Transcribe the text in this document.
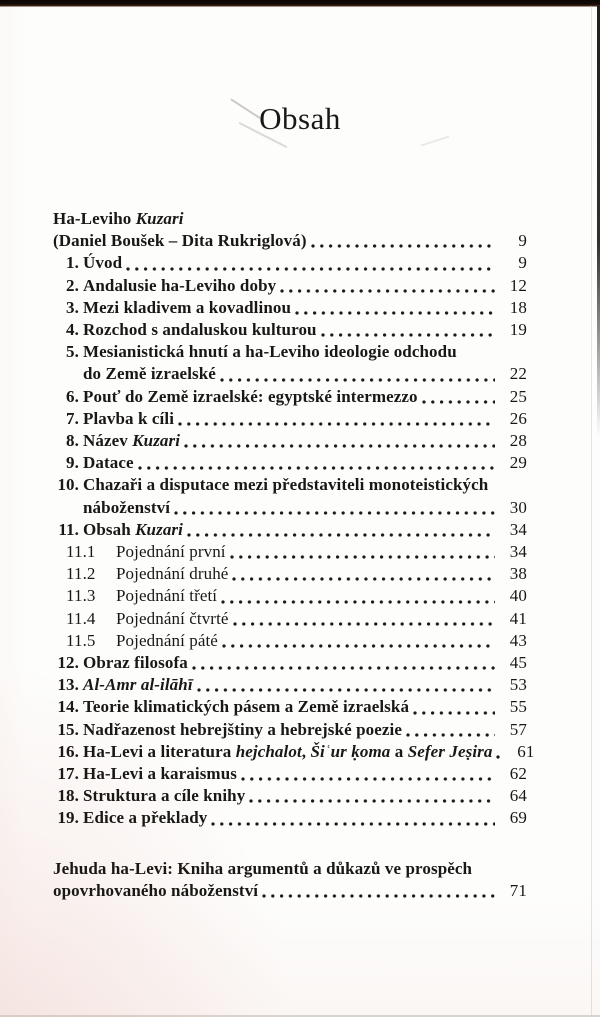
Obsah
Ha-Leviho Kuzari
(Daniel Boušek – Dita Rukriglová)	9
1. Úvod	9
2. Andalusie ha-Leviho doby	12
3. Mezi kladivem a kovadlinou	18
4. Rozchod s andaluskou kulturou	19
5. Mesianistická hnutí a ha-Leviho ideologie odchodu
do Země izraelské	22
6. Pouť do Země izraelské: egyptské intermezzo	25
7. Plavba k cíli	26
8. Název Kuzari	28
9. Datace	29
10. Chazaři a disputace mezi představiteli monoteistických
náboženství	30
11. Obsah Kuzari	34
11.1	Pojednání první	34
11.2	Pojednání druhé	38
11.3	Pojednání třetí	40
11.4	Pojednání čtvrté	41
11.5	Pojednání páté	43
12. Obraz filosofa	45
13. Al-Amr al-ilāhī	53
14. Teorie klimatických pásem a Země izraelská	55
15. Nadřazenost hebrejštiny a hebrejské poezie	57
16. Ha-Levi a literatura hejchalot, Šiʿur ḳoma a Sefer Jeṣira	61
17. Ha-Levi a karaismus	62
18. Struktura a cíle knihy	64
19. Edice a překlady	69
Jehuda ha-Levi: Kniha argumentů a důkazů ve prospěch
opovrhovaného náboženství	71
